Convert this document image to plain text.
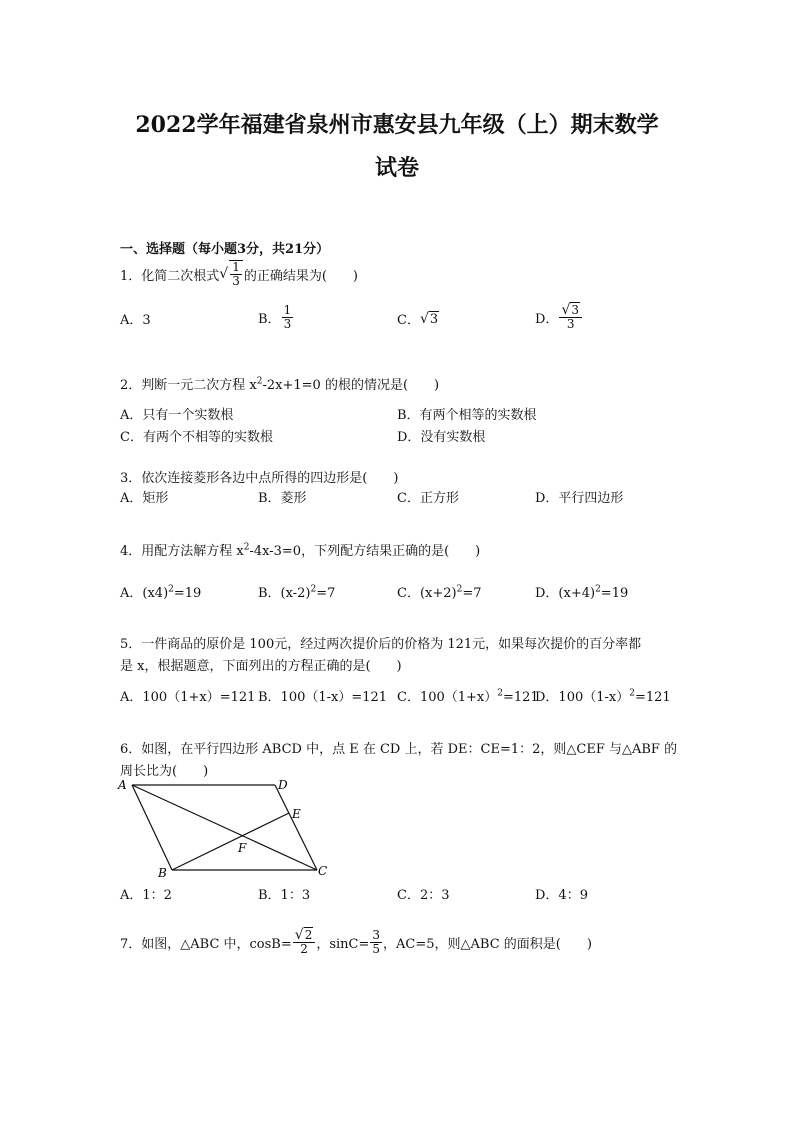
2022学年福建省泉州市惠安县九年级（上）期末数学
试卷
一、选择题（每小题3分，共21分）
1．化简二次根式 √ $\frac{1}{3}$ 的正确结果为(　　)
A．3	B． $\frac{1}{3}$	C． √ 3	D． $\frac{√3}{3}$
2．判断一元二次方程 $x^2-2x+1=0$ 的根的情况是(　　)
A．只有一个实数根	B．有两个相等的实数根
C．有两个不相等的实数根	D．没有实数根
3．依次连接菱形各边中点所得的四边形是(　　)
A．矩形	B．菱形	C．正方形	D．平行四边形
4．用配方法解方程 $x^2-4x-3=0$，下列配方结果正确的是(　　)
A．$(x4)^2=19$	B．$(x-2)^2=7$	C．$(x+2)^2=7$	D．$(x+4)^2=19$
5．一件商品的原价是 100元，经过两次提价后的价格为 121元，如果每次提价的百分率都
是 x，根据题意，下面列出的方程正确的是(　　)
A．100（1+x）=121 B．100（1-x）=121 C．$100(1+x)^2=121$
D．$100(1-x)^2=121$
6．如图，在平行四边形 ABCD 中，点 E 在 CD 上，若 DE：CE=1：2，则△CEF 与△ABF 的
周长比为(　　)
A	D
E
F
B	C
A．1：2	B．1：3	C．2：3	D．4：9
7．如图，△ABC 中，$\cos B= \frac{√2}{2}$ ，$\sin C= \frac{3}{5}$ ，AC=5，则△ABC 的面积是(　　)
